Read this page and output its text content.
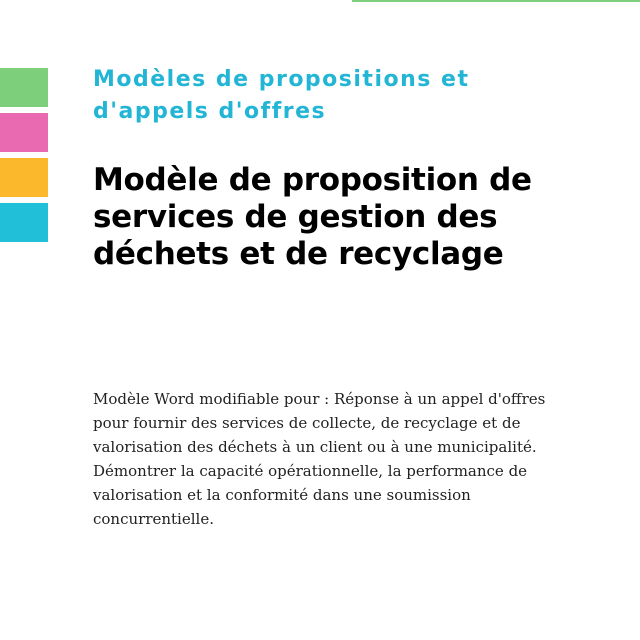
Modèles de propositions et d'appels d'offres
Modèle de proposition de services de gestion des déchets et de recyclage

Modèle Word modifiable pour : Réponse à un appel d'offres pour fournir des services de collecte, de recyclage et de valorisation des déchets à un client ou à une municipalité. Démontrer la capacité opérationnelle, la performance de valorisation et la conformité dans une soumission concurrentielle.
